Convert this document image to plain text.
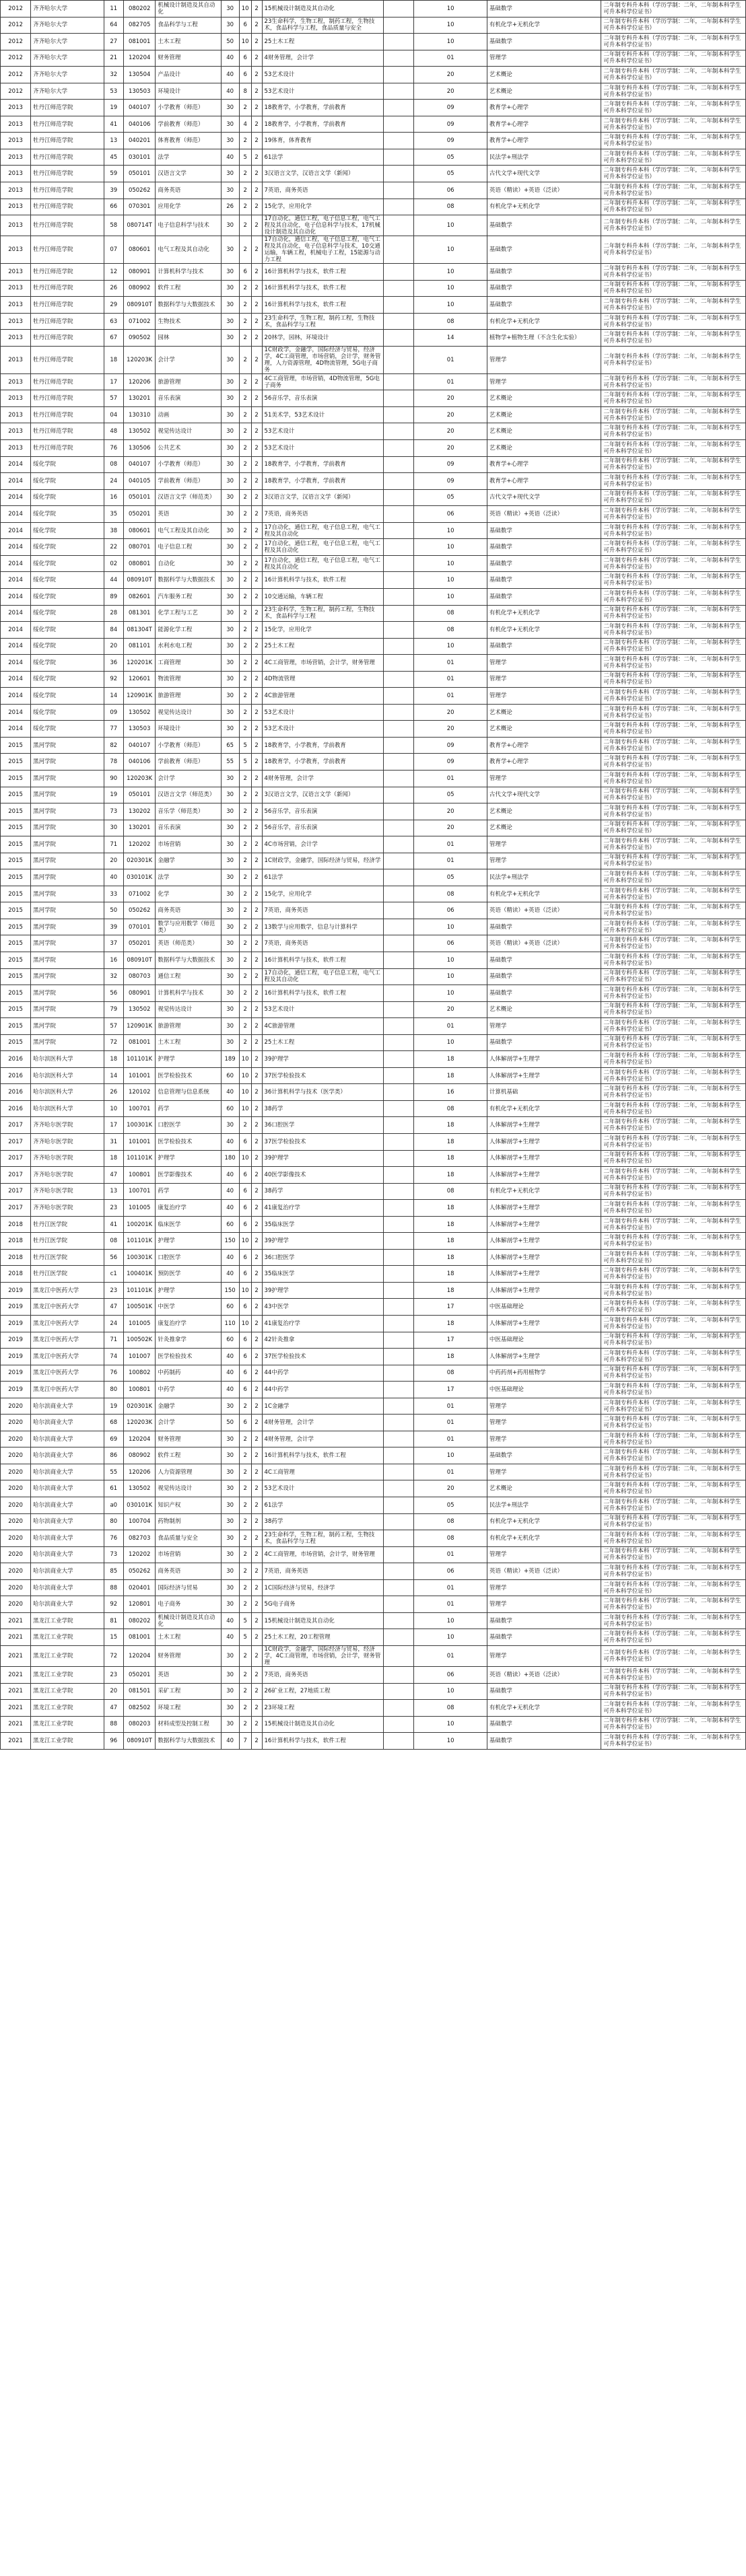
2012	齐齐哈尔大学	11	080202	机械设计制造及其自动化	30	10	2	15机械设计制造及其自动化		10	基础数学	二年制专科升本科（学历学制：二年，二年制本科学生可升本科学位证书）
2012	齐齐哈尔大学	64	082705	食品科学与工程	30	6	2	23生命科学，生物工程，制药工程，生物技术，食品科学与工程，食品质量与安全		10	有机化学+无机化学	二年制专科升本科（学历学制：二年，二年制本科学生可升本科学位证书）
2012	齐齐哈尔大学	27	081001	土木工程	50	10	2	25土木工程		10	基础数学	二年制专科升本科（学历学制：二年，二年制本科学生可升本科学位证书）
2012	齐齐哈尔大学	21	120204	财务管理	40	6	2	4财务管理，会计学		01	管理学	二年制专科升本科（学历学制：二年，二年制本科学生可升本科学位证书）
2012	齐齐哈尔大学	32	130504	产品设计	40	6	2	53艺术设计		20	艺术概论	二年制专科升本科（学历学制：二年，二年制本科学生可升本科学位证书）
2012	齐齐哈尔大学	53	130503	环境设计	40	8	2	53艺术设计		20	艺术概论	二年制专科升本科（学历学制：二年，二年制本科学生可升本科学位证书）
2013	牡丹江师范学院	19	040107	小学教育（师范）	30	2	2	18教育学，小学教育，学前教育		09	教育学+心理学	二年制专科升本科（学历学制：二年，二年制本科学生可升本科学位证书）
2013	牡丹江师范学院	41	040106	学前教育（师范）	30	4	2	18教育学，小学教育，学前教育		09	教育学+心理学	二年制专科升本科（学历学制：二年，二年制本科学生可升本科学位证书）
2013	牡丹江师范学院	13	040201	体育教育（师范）	30	2	2	19体育，体育教育		09	教育学+心理学	二年制专科升本科（学历学制：二年，二年制本科学生可升本科学位证书）
2013	牡丹江师范学院	45	030101	法学	40	5	2	61法学		05	民法学+刑法学	二年制专科升本科（学历学制：二年，二年制本科学生可升本科学位证书）
2013	牡丹江师范学院	59	050101	汉语言文学	30	2	2	3汉语言文学，汉语言文学（新闻）		05	古代文学+现代文学	二年制专科升本科（学历学制：二年，二年制本科学生可升本科学位证书）
2013	牡丹江师范学院	39	050262	商务英语	30	2	2	7英语，商务英语		06	英语（精读）+英语（泛读）	二年制专科升本科（学历学制：二年，二年制本科学生可升本科学位证书）
2013	牡丹江师范学院	66	070301	应用化学	26	2	2	15化学，应用化学		08	有机化学+无机化学	二年制专科升本科（学历学制：二年，二年制本科学生可升本科学位证书）
2013	牡丹江师范学院	58	080714T	电子信息科学与技术	30	2	2	17自动化，通信工程，电子信息工程，电气工程及其自动化，电子信息科学与技术，17机械设计制造及其自动化		10	基础数学	二年制专科升本科（学历学制：二年，二年制本科学生可升本科学位证书）
2013	牡丹江师范学院	07	080601	电气工程及其自动化	30	2	2	17自动化，通信工程，电子信息工程，电气工程及其自动化，电子信息科学与技术，10交通运输，车辆工程，机械电子工程，15能源与动力工程		10	基础数学	二年制专科升本科（学历学制：二年，二年制本科学生可升本科学位证书）
2013	牡丹江师范学院	12	080901	计算机科学与技术	30	6	2	16计算机科学与技术，软件工程		10	基础数学	二年制专科升本科（学历学制：二年，二年制本科学生可升本科学位证书）
2013	牡丹江师范学院	26	080902	软件工程	30	2	2	16计算机科学与技术，软件工程		10	基础数学	二年制专科升本科（学历学制：二年，二年制本科学生可升本科学位证书）
2013	牡丹江师范学院	29	080910T	数据科学与大数据技术	30	2	2	16计算机科学与技术，软件工程		10	基础数学	二年制专科升本科（学历学制：二年，二年制本科学生可升本科学位证书）
2013	牡丹江师范学院	63	071002	生物技术	30	2	2	23生命科学，生物工程，制药工程，生物技术，食品科学与工程		08	有机化学+无机化学	二年制专科升本科（学历学制：二年，二年制本科学生可升本科学位证书）
2013	牡丹江师范学院	67	090502	园林	30	2	2	20林学，园林，环境设计		14	植物学+植物生理（不含生化实验）	二年制专科升本科（学历学制：二年，二年制本科学生可升本科学位证书）
2013	牡丹江师范学院	18	120203K	会计学	30	2	2	1C财政学，金融学，国际经济与贸易，经济学，4C工商管理，市场营销，会计学，财务管理，人力资源管理，4D物流管理，5G电子商务		01	管理学	二年制专科升本科（学历学制：二年，二年制本科学生可升本科学位证书）
2013	牡丹江师范学院	17	120206	旅游管理	30	2	2	4C工商管理，市场营销，4D物流管理，5G电子商务		01	管理学	二年制专科升本科（学历学制：二年，二年制本科学生可升本科学位证书）
2013	牡丹江师范学院	57	130201	音乐表演	30	2	2	56音乐学，音乐表演		20	艺术概论	二年制专科升本科（学历学制：二年，二年制本科学生可升本科学位证书）
2013	牡丹江师范学院	04	130310	动画	30	2	2	51美术学，53艺术设计		20	艺术概论	二年制专科升本科（学历学制：二年，二年制本科学生可升本科学位证书）
2013	牡丹江师范学院	48	130502	视觉传达设计	30	2	2	53艺术设计		20	艺术概论	二年制专科升本科（学历学制：二年，二年制本科学生可升本科学位证书）
2013	牡丹江师范学院	76	130506	公共艺术	30	2	2	53艺术设计		20	艺术概论	二年制专科升本科（学历学制：二年，二年制本科学生可升本科学位证书）
2014	绥化学院	08	040107	小学教育（师范）	30	2	2	18教育学，小学教育，学前教育		09	教育学+心理学	二年制专科升本科（学历学制：二年，二年制本科学生可升本科学位证书）
2014	绥化学院	24	040105	学前教育（师范）	30	2	2	18教育学，小学教育，学前教育		09	教育学+心理学	二年制专科升本科（学历学制：二年，二年制本科学生可升本科学位证书）
2014	绥化学院	16	050101	汉语言文学（师范类）	30	2	2	3汉语言文学，汉语言文学（新闻）		05	古代文学+现代文学	二年制专科升本科（学历学制：二年，二年制本科学生可升本科学位证书）
2014	绥化学院	35	050201	英语	30	2	2	7英语，商务英语		06	英语（精读）+英语（泛读）	二年制专科升本科（学历学制：二年，二年制本科学生可升本科学位证书）
2014	绥化学院	38	080601	电气工程及其自动化	30	2	2	17自动化，通信工程，电子信息工程，电气工程及其自动化		10	基础数学	二年制专科升本科（学历学制：二年，二年制本科学生可升本科学位证书）
2014	绥化学院	22	080701	电子信息工程	30	2	2	17自动化，通信工程，电子信息工程，电气工程及其自动化		10	基础数学	二年制专科升本科（学历学制：二年，二年制本科学生可升本科学位证书）
2014	绥化学院	02	080801	自动化	30	2	2	17自动化，通信工程，电子信息工程，电气工程及其自动化		10	基础数学	二年制专科升本科（学历学制：二年，二年制本科学生可升本科学位证书）
2014	绥化学院	44	080910T	数据科学与大数据技术	30	2	2	16计算机科学与技术，软件工程		10	基础数学	二年制专科升本科（学历学制：二年，二年制本科学生可升本科学位证书）
2014	绥化学院	89	082601	汽车服务工程	30	2	2	10交通运输，车辆工程		10	基础数学	二年制专科升本科（学历学制：二年，二年制本科学生可升本科学位证书）
2014	绥化学院	28	081301	化学工程与工艺	30	2	2	23生命科学，生物工程，制药工程，生物技术，食品科学与工程		08	有机化学+无机化学	二年制专科升本科（学历学制：二年，二年制本科学生可升本科学位证书）
2014	绥化学院	84	081304T	能源化学工程	30	2	2	15化学，应用化学		08	有机化学+无机化学	二年制专科升本科（学历学制：二年，二年制本科学生可升本科学位证书）
2014	绥化学院	20	081101	水利水电工程	30	2	2	25土木工程		10	基础数学	二年制专科升本科（学历学制：二年，二年制本科学生可升本科学位证书）
2014	绥化学院	36	120201K	工商管理	30	2	2	4C工商管理，市场营销，会计学，财务管理		01	管理学	二年制专科升本科（学历学制：二年，二年制本科学生可升本科学位证书）
2014	绥化学院	92	120601	物流管理	30	2	2	4D物流管理		01	管理学	二年制专科升本科（学历学制：二年，二年制本科学生可升本科学位证书）
2014	绥化学院	14	120901K	旅游管理	30	2	2	4C旅游管理		01	管理学	二年制专科升本科（学历学制：二年，二年制本科学生可升本科学位证书）
2014	绥化学院	09	130502	视觉传达设计	30	2	2	53艺术设计		20	艺术概论	二年制专科升本科（学历学制：二年，二年制本科学生可升本科学位证书）
2014	绥化学院	77	130503	环境设计	30	2	2	53艺术设计		20	艺术概论	二年制专科升本科（学历学制：二年，二年制本科学生可升本科学位证书）
2015	黑河学院	82	040107	小学教育（师范）	65	5	2	18教育学，小学教育，学前教育		09	教育学+心理学	二年制专科升本科（学历学制：二年，二年制本科学生可升本科学位证书）
2015	黑河学院	78	040106	学前教育（师范）	55	5	2	18教育学，小学教育，学前教育		09	教育学+心理学	二年制专科升本科（学历学制：二年，二年制本科学生可升本科学位证书）
2015	黑河学院	90	120203K	会计学	30	2	2	4财务管理，会计学		01	管理学	二年制专科升本科（学历学制：二年，二年制本科学生可升本科学位证书）
2015	黑河学院	19	050101	汉语言文学（师范类）	30	2	2	3汉语言文学，汉语言文学（新闻）		05	古代文学+现代文学	二年制专科升本科（学历学制：二年，二年制本科学生可升本科学位证书）
2015	黑河学院	73	130202	音乐学（师范类）	30	2	2	56音乐学，音乐表演		20	艺术概论	二年制专科升本科（学历学制：二年，二年制本科学生可升本科学位证书）
2015	黑河学院	30	130201	音乐表演	30	2	2	56音乐学，音乐表演		20	艺术概论	二年制专科升本科（学历学制：二年，二年制本科学生可升本科学位证书）
2015	黑河学院	71	120202	市场营销	30	2	2	4C市场营销，会计学		01	管理学	二年制专科升本科（学历学制：二年，二年制本科学生可升本科学位证书）
2015	黑河学院	20	020301K	金融学	30	2	2	1C财政学，金融学，国际经济与贸易，经济学		01	管理学	二年制专科升本科（学历学制：二年，二年制本科学生可升本科学位证书）
2015	黑河学院	40	030101K	法学	30	2	2	61法学		05	民法学+刑法学	二年制专科升本科（学历学制：二年，二年制本科学生可升本科学位证书）
2015	黑河学院	33	071002	化学	30	2	2	15化学，应用化学		08	有机化学+无机化学	二年制专科升本科（学历学制：二年，二年制本科学生可升本科学位证书）
2015	黑河学院	50	050262	商务英语	30	2	2	7英语，商务英语		06	英语（精读）+英语（泛读）	二年制专科升本科（学历学制：二年，二年制本科学生可升本科学位证书）
2015	黑河学院	39	070101	数学与应用数学（师范类）	30	2	2	13数学与应用数学，信息与计算科学		10	基础数学	二年制专科升本科（学历学制：二年，二年制本科学生可升本科学位证书）
2015	黑河学院	37	050201	英语（师范类）	30	2	2	7英语，商务英语		06	英语（精读）+英语（泛读）	二年制专科升本科（学历学制：二年，二年制本科学生可升本科学位证书）
2015	黑河学院	16	080910T	数据科学与大数据技术	30	2	2	16计算机科学与技术，软件工程		10	基础数学	二年制专科升本科（学历学制：二年，二年制本科学生可升本科学位证书）
2015	黑河学院	32	080703	通信工程	30	2	2	17自动化，通信工程，电子信息工程，电气工程及其自动化		10	基础数学	二年制专科升本科（学历学制：二年，二年制本科学生可升本科学位证书）
2015	黑河学院	56	080901	计算机科学与技术	30	2	2	16计算机科学与技术，软件工程		10	基础数学	二年制专科升本科（学历学制：二年，二年制本科学生可升本科学位证书）
2015	黑河学院	79	130502	视觉传达设计	30	2	2	53艺术设计		20	艺术概论	二年制专科升本科（学历学制：二年，二年制本科学生可升本科学位证书）
2015	黑河学院	57	120901K	旅游管理	30	2	2	4C旅游管理		01	管理学	二年制专科升本科（学历学制：二年，二年制本科学生可升本科学位证书）
2015	黑河学院	72	081001	土木工程	30	2	2	25土木工程		10	基础数学	二年制专科升本科（学历学制：二年，二年制本科学生可升本科学位证书）
2016	哈尔滨医科大学	18	101101K	护理学	189	10	2	39护理学		18	人体解剖学+生理学	二年制专科升本科（学历学制：二年，二年制本科学生可升本科学位证书）
2016	哈尔滨医科大学	14	101001	医学检验技术	60	10	2	37医学检验技术		18	人体解剖学+生理学	二年制专科升本科（学历学制：二年，二年制本科学生可升本科学位证书）
2016	哈尔滨医科大学	26	120102	信息管理与信息系统	40	10	2	36计算机科学与技术（医学类）		16	计算机基础	二年制专科升本科（学历学制：二年，二年制本科学生可升本科学位证书）
2016	哈尔滨医科大学	10	100701	药学	60	10	2	38药学		08	有机化学+无机化学	二年制专科升本科（学历学制：二年，二年制本科学生可升本科学位证书）
2017	齐齐哈尔医学院	17	100301K	口腔医学	30	2	2	36口腔医学		18	人体解剖学+生理学	二年制专科升本科（学历学制：二年，二年制本科学生可升本科学位证书）
2017	齐齐哈尔医学院	31	101001	医学检验技术	40	6	2	37医学检验技术		18	人体解剖学+生理学	二年制专科升本科（学历学制：二年，二年制本科学生可升本科学位证书）
2017	齐齐哈尔医学院	18	101101K	护理学	180	10	2	39护理学		18	人体解剖学+生理学	二年制专科升本科（学历学制：二年，二年制本科学生可升本科学位证书）
2017	齐齐哈尔医学院	47	100801	医学影像技术	40	6	2	40医学影像技术		18	人体解剖学+生理学	二年制专科升本科（学历学制：二年，二年制本科学生可升本科学位证书）
2017	齐齐哈尔医学院	13	100701	药学	40	6	2	38药学		08	有机化学+无机化学	二年制专科升本科（学历学制：二年，二年制本科学生可升本科学位证书）
2017	齐齐哈尔医学院	23	101005	康复治疗学	40	6	2	41康复治疗学		18	人体解剖学+生理学	二年制专科升本科（学历学制：二年，二年制本科学生可升本科学位证书）
2018	牡丹江医学院	41	100201K	临床医学	60	6	2	35临床医学		18	人体解剖学+生理学	二年制专科升本科（学历学制：二年，二年制本科学生可升本科学位证书）
2018	牡丹江医学院	08	101101K	护理学	150	10	2	39护理学		18	人体解剖学+生理学	二年制专科升本科（学历学制：二年，二年制本科学生可升本科学位证书）
2018	牡丹江医学院	56	100301K	口腔医学	40	6	2	36口腔医学		18	人体解剖学+生理学	二年制专科升本科（学历学制：二年，二年制本科学生可升本科学位证书）
2018	牡丹江医学院	c1	100401K	预防医学	40	6	2	35临床医学		18	人体解剖学+生理学	二年制专科升本科（学历学制：二年，二年制本科学生可升本科学位证书）
2019	黑龙江中医药大学	23	101101K	护理学	150	10	2	39护理学		18	人体解剖学+生理学	二年制专科升本科（学历学制：二年，二年制本科学生可升本科学位证书）
2019	黑龙江中医药大学	47	100501K	中医学	60	6	2	43中医学		17	中医基础理论	二年制专科升本科（学历学制：二年，二年制本科学生可升本科学位证书）
2019	黑龙江中医药大学	24	101005	康复治疗学	110	10	2	41康复治疗学		18	人体解剖学+生理学	二年制专科升本科（学历学制：二年，二年制本科学生可升本科学位证书）
2019	黑龙江中医药大学	71	100502K	针灸推拿学	60	6	2	42针灸推拿		17	中医基础理论	二年制专科升本科（学历学制：二年，二年制本科学生可升本科学位证书）
2019	黑龙江中医药大学	74	101007	医学检验技术	40	6	2	37医学检验技术		18	人体解剖学+生理学	二年制专科升本科（学历学制：二年，二年制本科学生可升本科学位证书）
2019	黑龙江中医药大学	76	100802	中药制药	40	6	2	44中药学		08	中药药剂+药用植物学	二年制专科升本科（学历学制：二年，二年制本科学生可升本科学位证书）
2019	黑龙江中医药大学	80	100801	中药学	40	6	2	44中药学		17	中医基础理论	二年制专科升本科（学历学制：二年，二年制本科学生可升本科学位证书）
2020	哈尔滨商业大学	19	020301K	金融学	30	2	2	1C金融学		01	管理学	二年制专科升本科（学历学制：二年，二年制本科学生可升本科学位证书）
2020	哈尔滨商业大学	68	120203K	会计学	50	6	2	4财务管理，会计学		01	管理学	二年制专科升本科（学历学制：二年，二年制本科学生可升本科学位证书）
2020	哈尔滨商业大学	69	120204	财务管理	30	2	2	4财务管理，会计学		01	管理学	二年制专科升本科（学历学制：二年，二年制本科学生可升本科学位证书）
2020	哈尔滨商业大学	86	080902	软件工程	30	2	2	16计算机科学与技术，软件工程		10	基础数学	二年制专科升本科（学历学制：二年，二年制本科学生可升本科学位证书）
2020	哈尔滨商业大学	55	120206	人力资源管理	30	2	2	4C工商管理		01	管理学	二年制专科升本科（学历学制：二年，二年制本科学生可升本科学位证书）
2020	哈尔滨商业大学	61	130502	视觉传达设计	30	2	2	53艺术设计		20	艺术概论	二年制专科升本科（学历学制：二年，二年制本科学生可升本科学位证书）
2020	哈尔滨商业大学	a0	030101K	知识产权	30	2	2	61法学		05	民法学+刑法学	二年制专科升本科（学历学制：二年，二年制本科学生可升本科学位证书）
2020	哈尔滨商业大学	80	100704	药物制剂	30	2	2	38药学		08	有机化学+无机化学	二年制专科升本科（学历学制：二年，二年制本科学生可升本科学位证书）
2020	哈尔滨商业大学	76	082703	食品质量与安全	30	2	2	23生命科学，生物工程，制药工程，生物技术，食品科学与工程		08	有机化学+无机化学	二年制专科升本科（学历学制：二年，二年制本科学生可升本科学位证书）
2020	哈尔滨商业大学	73	120202	市场营销	30	2	2	4C工商管理，市场营销，会计学，财务管理		01	管理学	二年制专科升本科（学历学制：二年，二年制本科学生可升本科学位证书）
2020	哈尔滨商业大学	85	050262	商务英语	30	2	2	7英语，商务英语		06	英语（精读）+英语（泛读）	二年制专科升本科（学历学制：二年，二年制本科学生可升本科学位证书）
2020	哈尔滨商业大学	88	020401	国际经济与贸易	30	2	2	1C国际经济与贸易，经济学		01	管理学	二年制专科升本科（学历学制：二年，二年制本科学生可升本科学位证书）
2020	哈尔滨商业大学	92	120801	电子商务	30	2	2	5G电子商务		01	管理学	二年制专科升本科（学历学制：二年，二年制本科学生可升本科学位证书）
2021	黑龙江工业学院	81	080202	机械设计制造及其自动化	40	5	2	15机械设计制造及其自动化		10	基础数学	二年制专科升本科（学历学制：二年，二年制本科学生可升本科学位证书）
2021	黑龙江工业学院	15	081001	土木工程	40	5	2	25土木工程，20工程管理		10	基础数学	二年制专科升本科（学历学制：二年，二年制本科学生可升本科学位证书）
2021	黑龙江工业学院	72	120204	财务管理	30	2	2	1C财政学，金融学，国际经济与贸易，经济学，4C工商管理，市场营销，会计学，财务管理		01	管理学	二年制专科升本科（学历学制：二年，二年制本科学生可升本科学位证书）
2021	黑龙江工业学院	23	050201	英语	30	2	2	7英语，商务英语		06	英语（精读）+英语（泛读）	二年制专科升本科（学历学制：二年，二年制本科学生可升本科学位证书）
2021	黑龙江工业学院	20	081501	采矿工程	30	2	2	26矿业工程，27地质工程		10	基础数学	二年制专科升本科（学历学制：二年，二年制本科学生可升本科学位证书）
2021	黑龙江工业学院	47	082502	环境工程	30	2	2	23环境工程		08	有机化学+无机化学	二年制专科升本科（学历学制：二年，二年制本科学生可升本科学位证书）
2021	黑龙江工业学院	88	080203	材料成型及控制工程	30	2	2	15机械设计制造及其自动化		10	基础数学	二年制专科升本科（学历学制：二年，二年制本科学生可升本科学位证书）
2021	黑龙江工业学院	96	080910T	数据科学与大数据技术	40	7	2	16计算机科学与技术，软件工程		10	基础数学	二年制专科升本科（学历学制：二年，二年制本科学生可升本科学位证书）
